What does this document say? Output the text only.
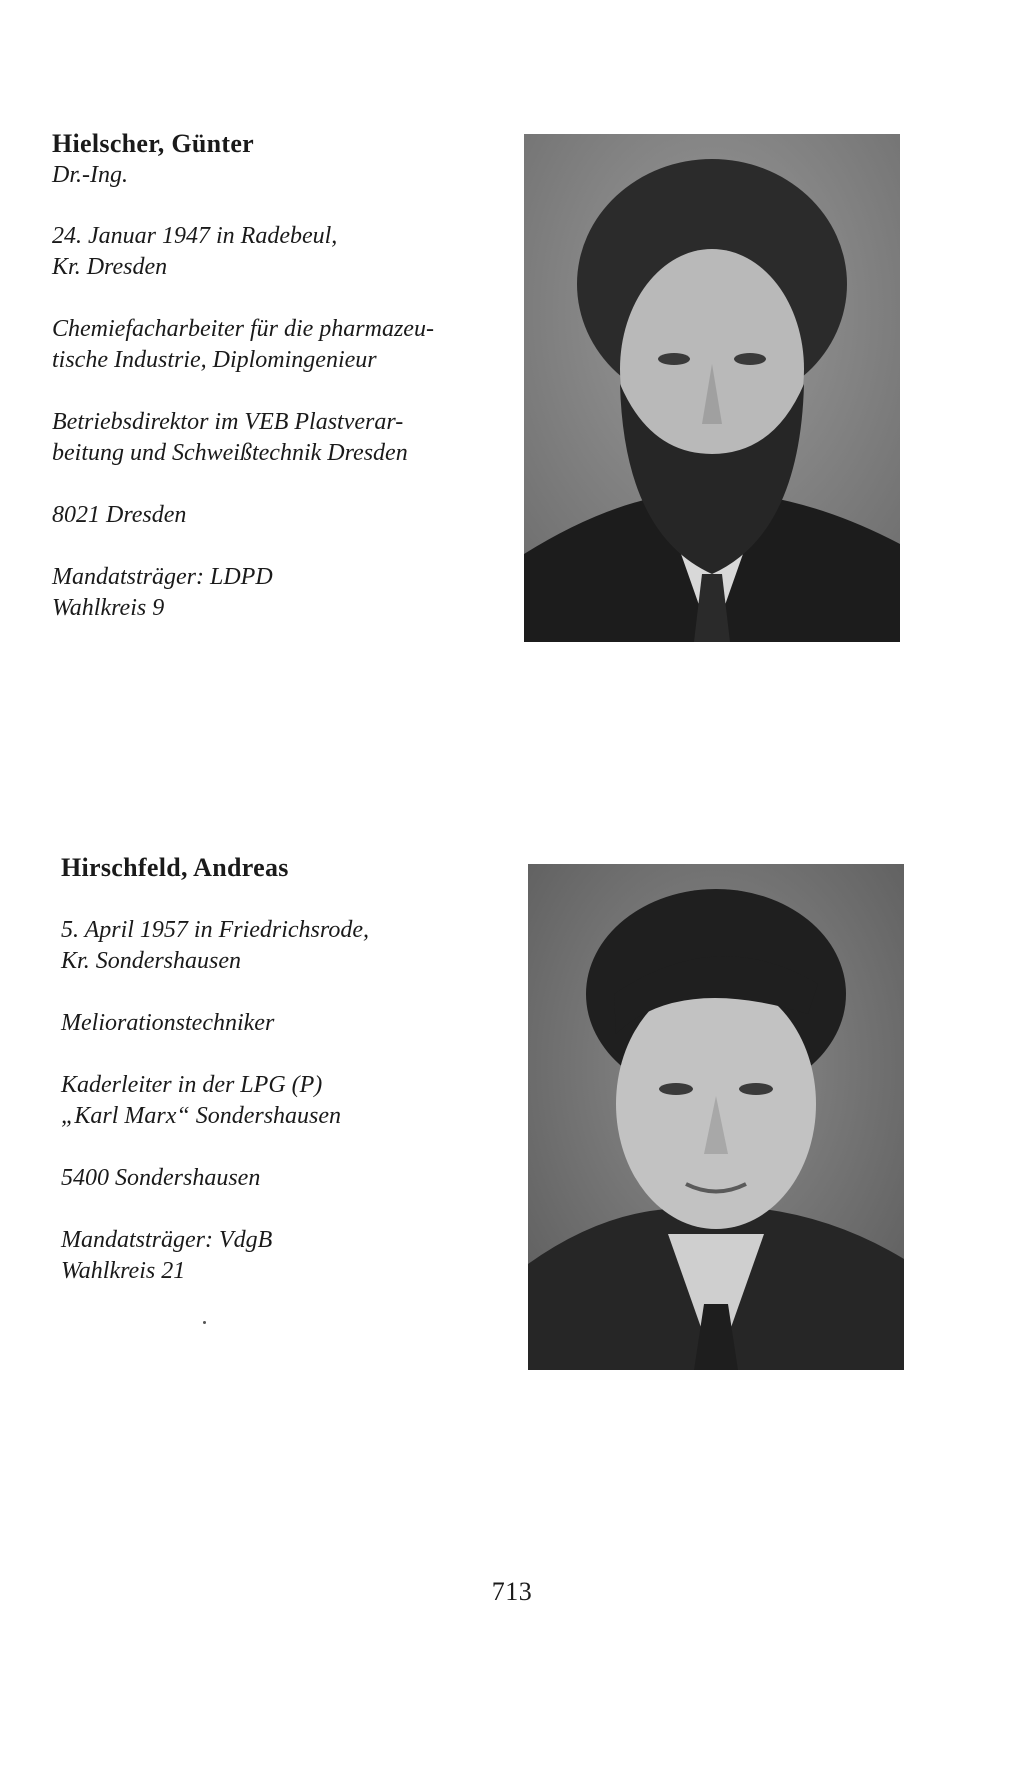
Hielscher, Günter

Dr.-Ing.

24. Januar 1947 in Radebeul,
Kr. Dresden
Chemiefacharbeiter für die pharmazeu-
tische Industrie, Diplomingenieur
Betriebsdirektor im VEB Plastverar-
beitung und Schweißtechnik Dresden
8021 Dresden
Mandatsträger: LDPD
Wahlkreis 9

Hirschfeld, Andreas

5. April 1957 in Friedrichsrode,
Kr. Sondershausen
Meliorationstechniker
Kaderleiter in der LPG (P)
„Karl Marx“ Sondershausen
5400 Sondershausen
Mandatsträger: VdgB
Wahlkreis 21
713
